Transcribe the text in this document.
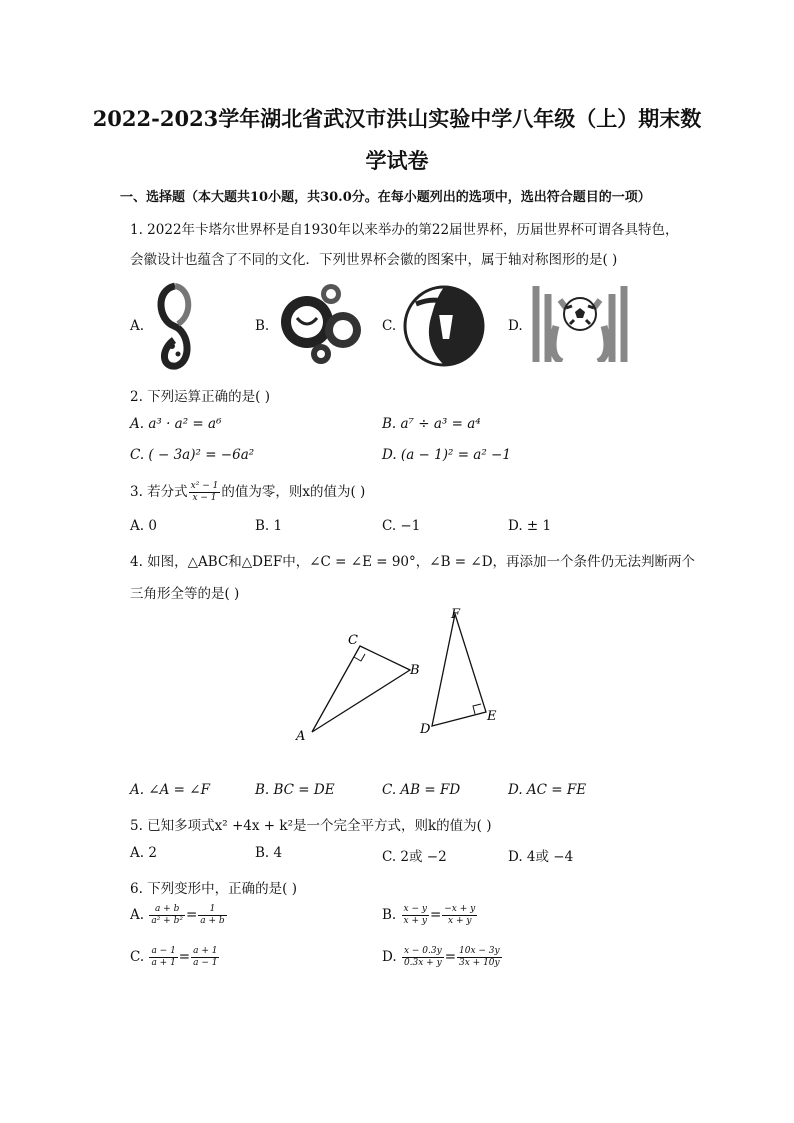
2022-2023学年湖北省武汉市洪山实验中学八年级（上）期末数
学试卷
一、选择题（本大题共10小题，共30.0分。在每小题列出的选项中，选出符合题目的一项）
1. 2022年卡塔尔世界杯是自1930年以来举办的第22届世界杯，历届世界杯可谓各具特色，
会徽设计也蕴含了不同的文化．下列世界杯会徽的图案中，属于轴对称图形的是( )
A.	B.	C.	D.
2. 下列运算正确的是( )
A. a³ · a² = a⁶	B. a⁷ ÷ a³ = a⁴
C. ( − 3a)² = −6a²	D. (a − 1)² = a² −1
3. 若分式 $\frac{\text{x² − 1}}{x - 1}$ 的值为零，则x的值为( )
A. 0	B. 1	C. −1	D. ± 1
4. 如图，△ABC和△DEF中，∠C = ∠E = 90°，∠B = ∠D，再添加一个条件仍无法判断两个
三角形全等的是( )
C
B
A
F
E
D
A. ∠A = ∠F	B. BC = DE	C. AB = FD	D. AC = FE
5. 已知多项式x² +4x + k²是一个完全平方式，则k的值为( )
A. 2	B. 4	C. 2或 −2	D. 4或 −4
6. 下列变形中，正确的是( )
A. $\frac{a + b}{\text{a² + b²}} = \frac{1}{a + b}$	B. $\frac{x - y}{x + y} = \frac{-x + y}{x + y}$
C. $\frac{a - 1}{a + 1} = \frac{a + 1}{a - 1}$	D. $\frac{x - 0.3y}{0.3x + y} = \frac{10x - 3y}{3x + 10y}$
